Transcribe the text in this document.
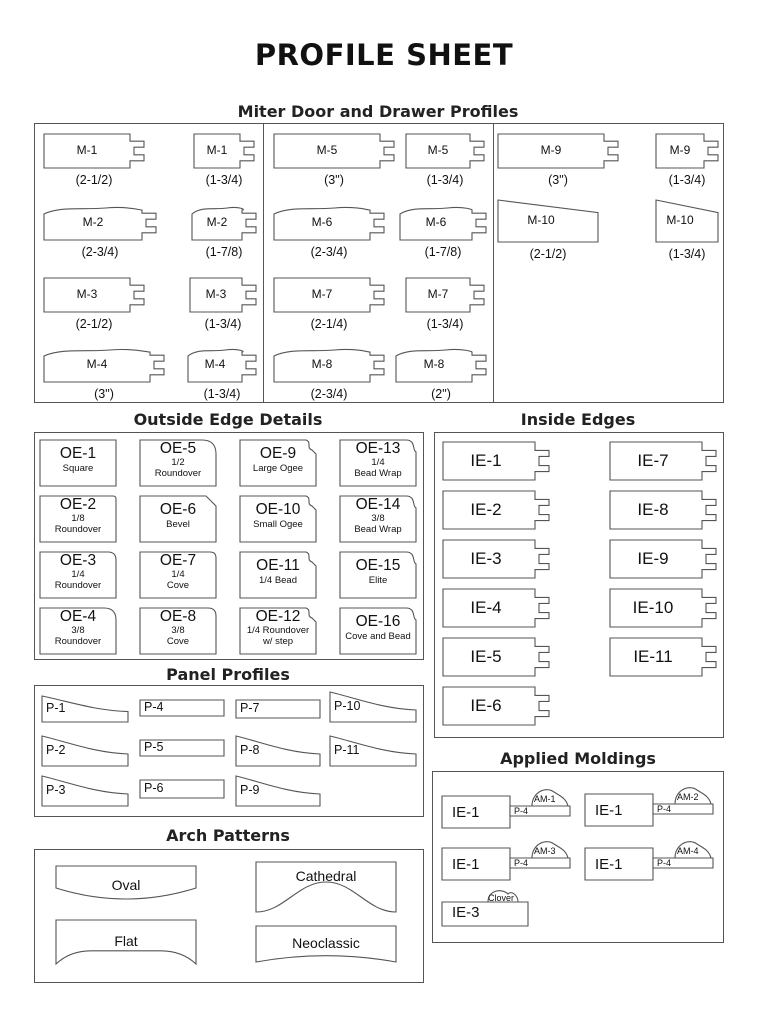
PROFILE SHEET
Miter Door and Drawer Profiles
Outside Edge Details	Inside Edges
Panel Profiles
Arch Patterns
Applied Moldings
M-1
(2-1/2)
M-1
(1-3/4)
M-2
(2-3/4)
M-2
(1-7/8)
M-3
(2-1/2)
M-3
(1-3/4)
M-4
(3")
M-4
(1-3/4)
M-5
(3")
M-5
(1-3/4)
M-6
(2-3/4)
M-6
(1-7/8)
M-7
(2-1/4)
M-7
(1-3/4)
M-8
(2-3/4)
M-8
(2")
M-9
(3")
M-9
(1-3/4)
M-10
(2-1/2)
M-10
(1-3/4)
OE-1
Square
OE-5
1/2
Roundover
OE-9
Large Ogee
OE-13
1/4
Bead Wrap
OE-2
1/8
Roundover
OE-6
Bevel
OE-10
Small Ogee
OE-14
3/8
Bead Wrap
OE-3
1/4
Roundover
OE-7
1/4
Cove
OE-11
1/4 Bead
OE-15
Elite
OE-4
3/8
Roundover
OE-8
3/8
Cove
OE-12
1/4 Roundover
w/ step
OE-16
Cove and Bead
IE-1
IE-2
IE-3
IE-4
IE-5
IE-6
IE-7
IE-8
IE-9
IE-10
IE-11
P-1
P-2
P-3
P-4
P-5
P-6
P-7
P-8
P-9
P-10
P-11
Oval
Flat
Cathedral
Neoclassic
IE-1	P-4
AM-1
IE-1	P-4
AM-2
IE-1	P-4
AM-3
IE-1	P-4
AM-4
IE-3
Clover
